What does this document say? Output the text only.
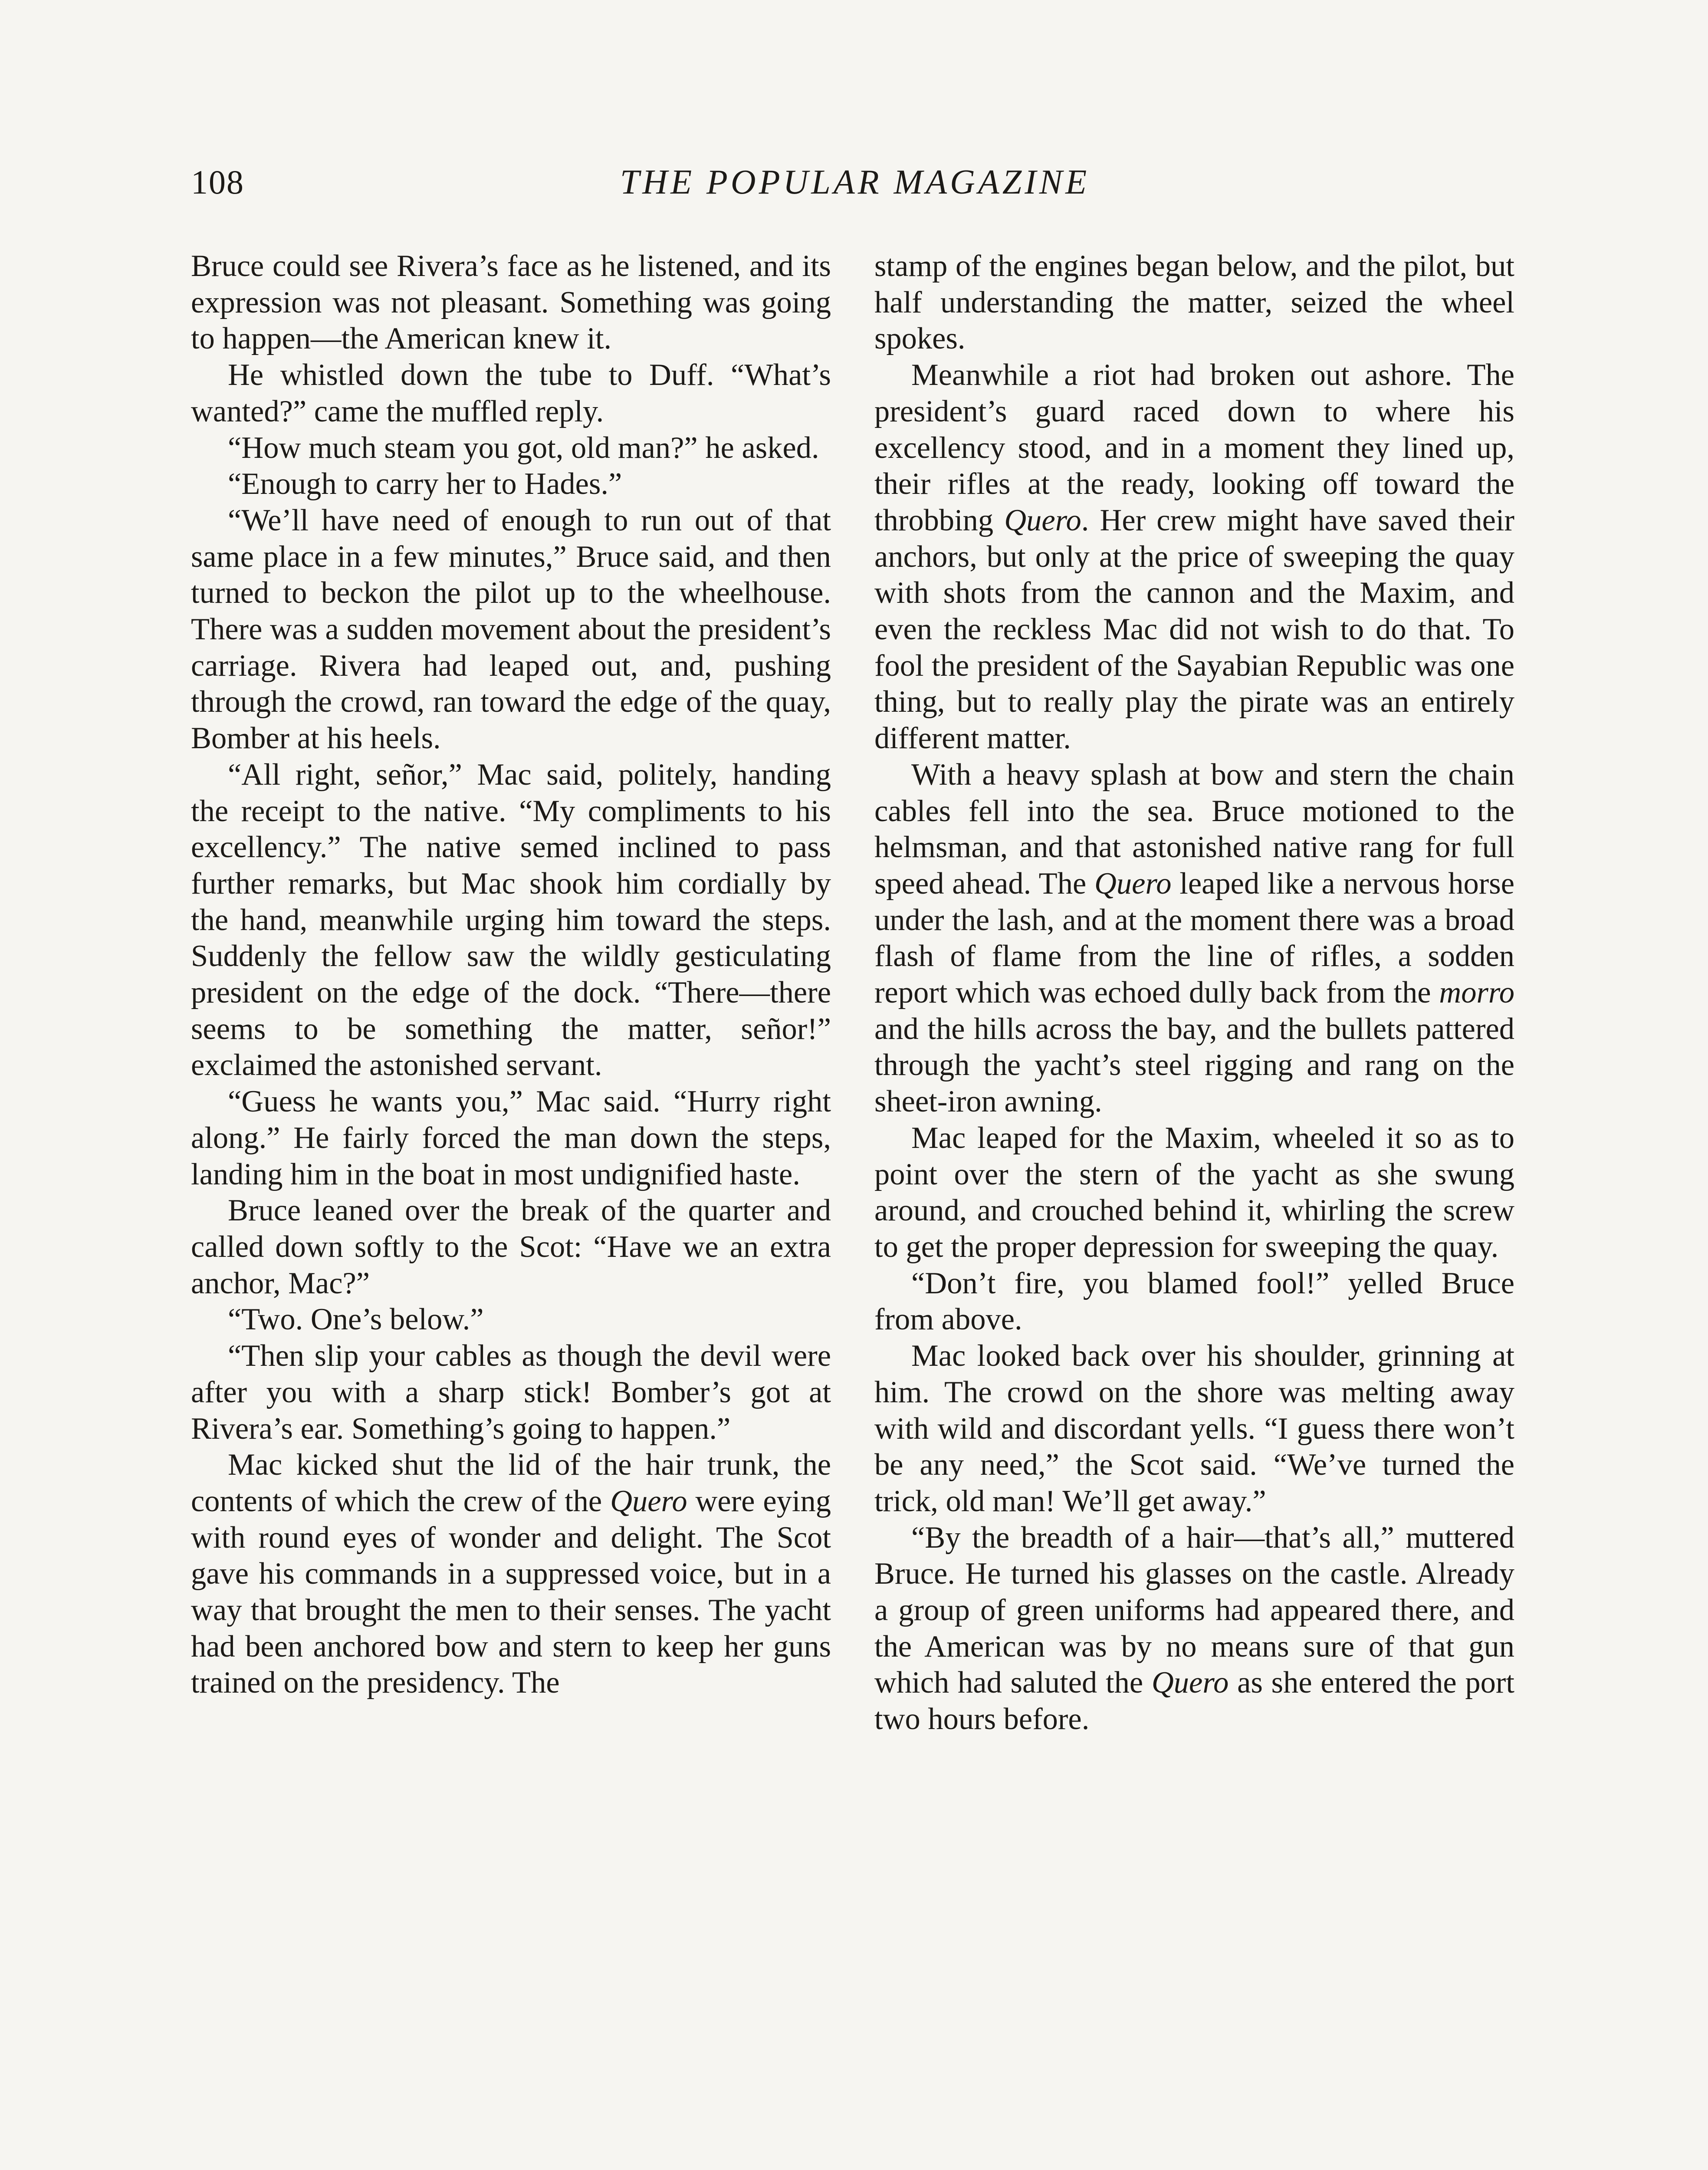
108	THE POPULAR MAGAZINE

Bruce could see Rivera’s face as he listened, and its expression was not pleasant. Something was going to happen—the American knew it.

He whistled down the tube to Duff. “What’s wanted?” came the muffled reply.

“How much steam you got, old man?” he asked.

“Enough to carry her to Hades.”

“We’ll have need of enough to run out of that same place in a few minutes,” Bruce said, and then turned to beckon the pilot up to the wheelhouse. There was a sudden movement about the president’s carriage. Rivera had leaped out, and, pushing through the crowd, ran toward the edge of the quay, Bomber at his heels.

“All right, señor,” Mac said, politely, handing the receipt to the native. “My compliments to his excellency.” The native semed inclined to pass further remarks, but Mac shook him cordially by the hand, meanwhile urging him toward the steps. Suddenly the fellow saw the wildly gesticulating president on the edge of the dock. “There—there seems to be something the matter, señor!” exclaimed the astonished servant.

“Guess he wants you,” Mac said. “Hurry right along.” He fairly forced the man down the steps, landing him in the boat in most undignified haste.

Bruce leaned over the break of the quarter and called down softly to the Scot: “Have we an extra anchor, Mac?”

“Two. One’s below.”

“Then slip your cables as though the devil were after you with a sharp stick! Bomber’s got at Rivera’s ear. Something’s going to happen.”

Mac kicked shut the lid of the hair trunk, the contents of which the crew of the Quero were eying with round eyes of wonder and delight. The Scot gave his commands in a suppressed voice, but in a way that brought the men to their senses. The yacht had been anchored bow and stern to keep her guns trained on the presidency. The

stamp of the engines began below, and the pilot, but half understanding the matter, seized the wheel spokes.

Meanwhile a riot had broken out ashore. The president’s guard raced down to where his excellency stood, and in a moment they lined up, their rifles at the ready, looking off toward the throbbing Quero. Her crew might have saved their anchors, but only at the price of sweeping the quay with shots from the cannon and the Maxim, and even the reckless Mac did not wish to do that. To fool the president of the Sayabian Republic was one thing, but to really play the pirate was an entirely different matter.

With a heavy splash at bow and stern the chain cables fell into the sea. Bruce motioned to the helmsman, and that astonished native rang for full speed ahead. The Quero leaped like a nervous horse under the lash, and at the moment there was a broad flash of flame from the line of rifles, a sodden report which was echoed dully back from the morro and the hills across the bay, and the bullets pattered through the yacht’s steel rigging and rang on the sheet-iron awning.

Mac leaped for the Maxim, wheeled it so as to point over the stern of the yacht as she swung around, and crouched behind it, whirling the screw to get the proper depression for sweeping the quay.

“Don’t fire, you blamed fool!” yelled Bruce from above.

Mac looked back over his shoulder, grinning at him. The crowd on the shore was melting away with wild and discordant yells. “I guess there won’t be any need,” the Scot said. “We’ve turned the trick, old man! We’ll get away.”

“By the breadth of a hair—that’s all,” muttered Bruce. He turned his glasses on the castle. Already a group of green uniforms had appeared there, and the American was by no means sure of that gun which had saluted the Quero as she entered the port two hours before.
